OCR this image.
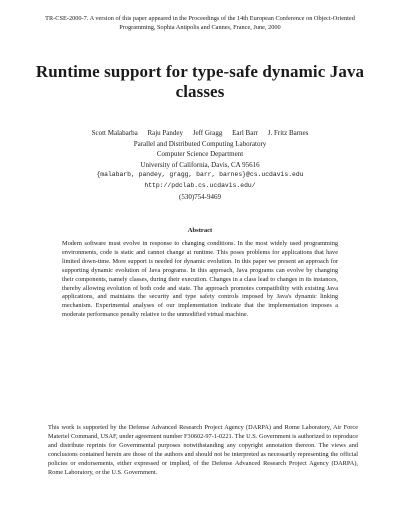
TR-CSE-2000-7. A version of this paper appeared in the Proceedings of the 14th European Conference on Object-Oriented Programming, Sophia Antipolis and Cannes, France, June, 2000
Runtime support for type-safe dynamic Java classes
Scott Malabarba Raju Pandey Jeff Gragg Earl Barr J. Fritz Barnes
Parallel and Distributed Computing Laboratory
Computer Science Department
University of California, Davis, CA 95616
{malabarb, pandey, gragg, barr, barnes}@cs.ucdavis.edu
http://pdclab.cs.ucdavis.edu/
(530)754-9469
Abstract
Modern software must evolve in response to changing conditions. In the most widely used programming environments, code is static and cannot change at runtime. This poses problems for applications that have limited down-time. More support is needed for dynamic evolution. In this paper we present an approach for supporting dynamic evolution of Java programs. In this approach, Java programs can evolve by changing their components, namely classes, during their execution. Changes in a class lead to changes in its instances, thereby allowing evolution of both code and state. The approach promotes compatibility with existing Java applications, and maintains the security and type safety controls imposed by Java's dynamic linking mechanism. Experimental analyses of our implementation indicate that the implementation imposes a moderate performance penalty relative to the unmodified virtual machine.
This work is supported by the Defense Advanced Research Project Agency (DARPA) and Rome Laboratory, Air Force Materiel Command, USAF, under agreement number F30602-97-1-0221. The U.S. Government is authorized to reproduce and distribute reprints for Governmental purposes notwithstanding any copyright annotation thereon. The views and conclusions contained herein are those of the authors and should not be interpreted as necessarily representing the official policies or endorsements, either expressed or implied, of the Defense Advanced Research Project Agency (DARPA), Rome Laboratory, or the U.S. Government.
